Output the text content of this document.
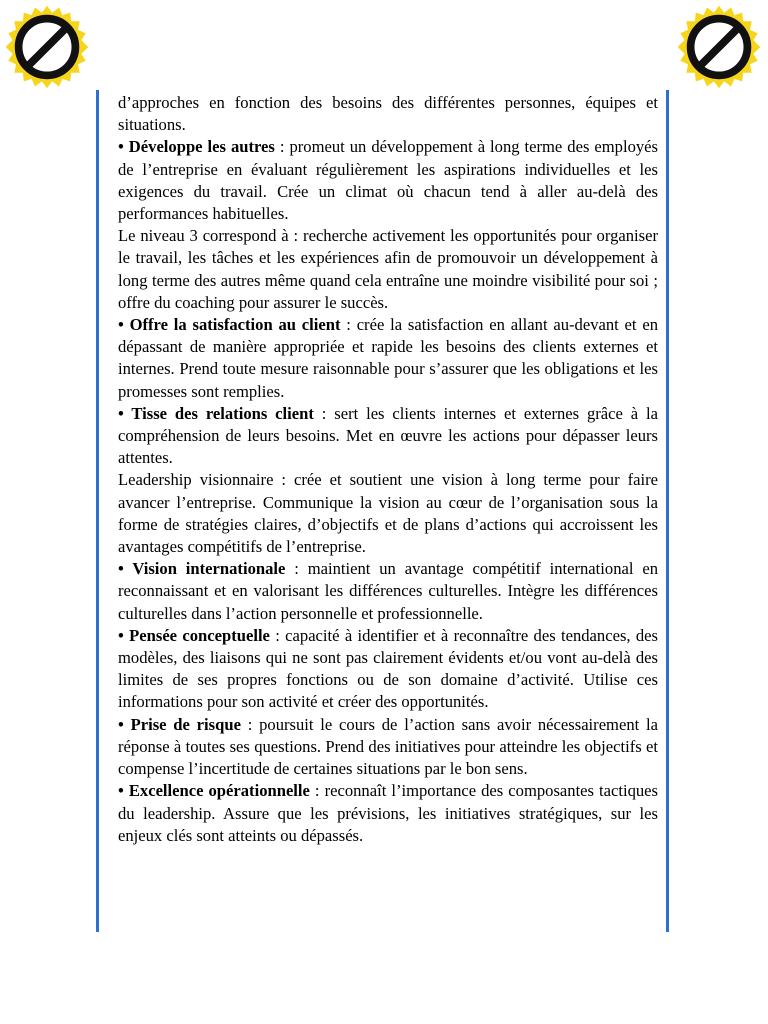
d’approches en fonction des besoins des différentes personnes, équipes et situations.

• Développe les autres : promeut un développement à long terme des employés de l’entreprise en évaluant régulièrement les aspirations individuelles et les exigences du travail. Crée un climat où chacun tend à aller au-delà des performances habituelles.

Le niveau 3 correspond à : recherche activement les opportunités pour organiser le travail, les tâches et les expériences afin de promouvoir un développement à long terme des autres même quand cela entraîne une moindre visibilité pour soi ; offre du coaching pour assurer le succès.

• Offre la satisfaction au client : crée la satisfaction en allant au-devant et en dépassant de manière appropriée et rapide les besoins des clients externes et internes. Prend toute mesure raisonnable pour s’assurer que les obligations et les promesses sont remplies.

• Tisse des relations client : sert les clients internes et externes grâce à la compréhension de leurs besoins. Met en œuvre les actions pour dépasser leurs attentes.

Leadership visionnaire : crée et soutient une vision à long terme pour faire avancer l’entreprise. Communique la vision au cœur de l’organisation sous la forme de stratégies claires, d’objectifs et de plans d’actions qui accroissent les avantages compétitifs de l’entreprise.

• Vision internationale : maintient un avantage compétitif international en reconnaissant et en valorisant les différences culturelles. Intègre les différences culturelles dans l’action personnelle et professionnelle.

• Pensée conceptuelle : capacité à identifier et à reconnaître des tendances, des modèles, des liaisons qui ne sont pas clairement évidents et/ou vont au-delà des limites de ses propres fonctions ou de son domaine d’activité. Utilise ces informations pour son activité et créer des opportunités.

• Prise de risque : poursuit le cours de l’action sans avoir nécessairement la réponse à toutes ses questions. Prend des initiatives pour atteindre les objectifs et compense l’incertitude de certaines situations par le bon sens.

• Excellence opérationnelle : reconnaît l’importance des composantes tactiques du leadership. Assure que les prévisions, les initiatives stratégiques, sur les enjeux clés sont atteints ou dépassés.
